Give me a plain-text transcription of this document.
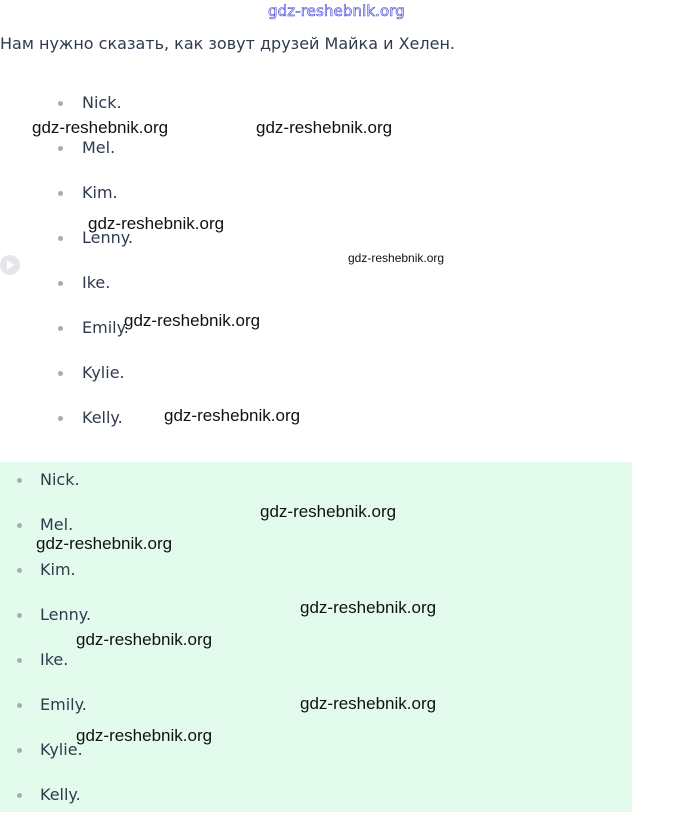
gdz-reshebnik.org
Нам нужно сказать, как зовут друзей Майка и Хелен.
Nick.
Mel.
Kim.
Lenny.
Ike.
Emily.
Kylie.
Kelly.
Nick.
Mel.
Kim.
Lenny.
Ike.
Emily.
Kylie.
Kelly.
gdz-reshebnik.org	gdz-reshebnik.org
gdz-reshebnik.org
gdz-reshebnik.org
gdz-reshebnik.org
gdz-reshebnik.org
gdz-reshebnik.org
gdz-reshebnik.org
gdz-reshebnik.org
gdz-reshebnik.org
gdz-reshebnik.org
gdz-reshebnik.org
